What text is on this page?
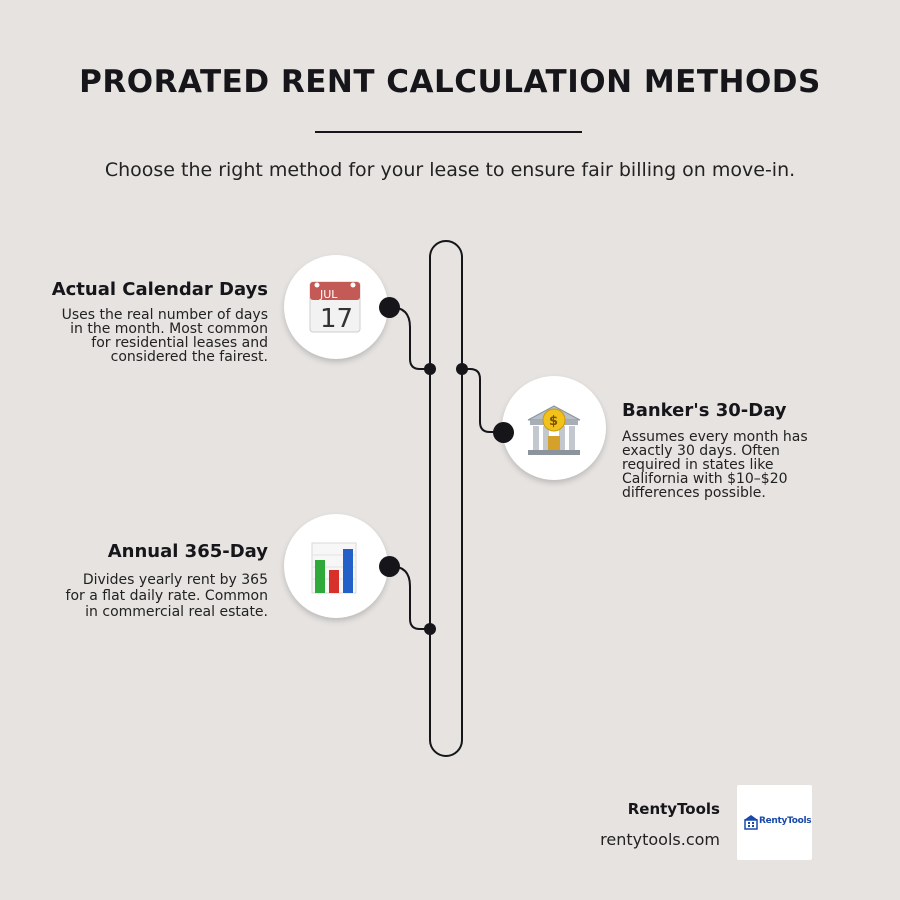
PRORATED RENT CALCULATION METHODS
Choose the right method for your lease to ensure fair billing on move-in.
JUL
17
Actual Calendar Days
Uses the real number of days in the month. Most common for residential leases and considered the fairest.
$
Banker's 30-Day
Assumes every month has exactly 30 days. Often required in states like California with $10–$20 differences possible.
Annual 365-Day
Divides yearly rent by 365 for a flat daily rate. Common in commercial real estate.
RentyTools
rentytools.com
RentyTools
